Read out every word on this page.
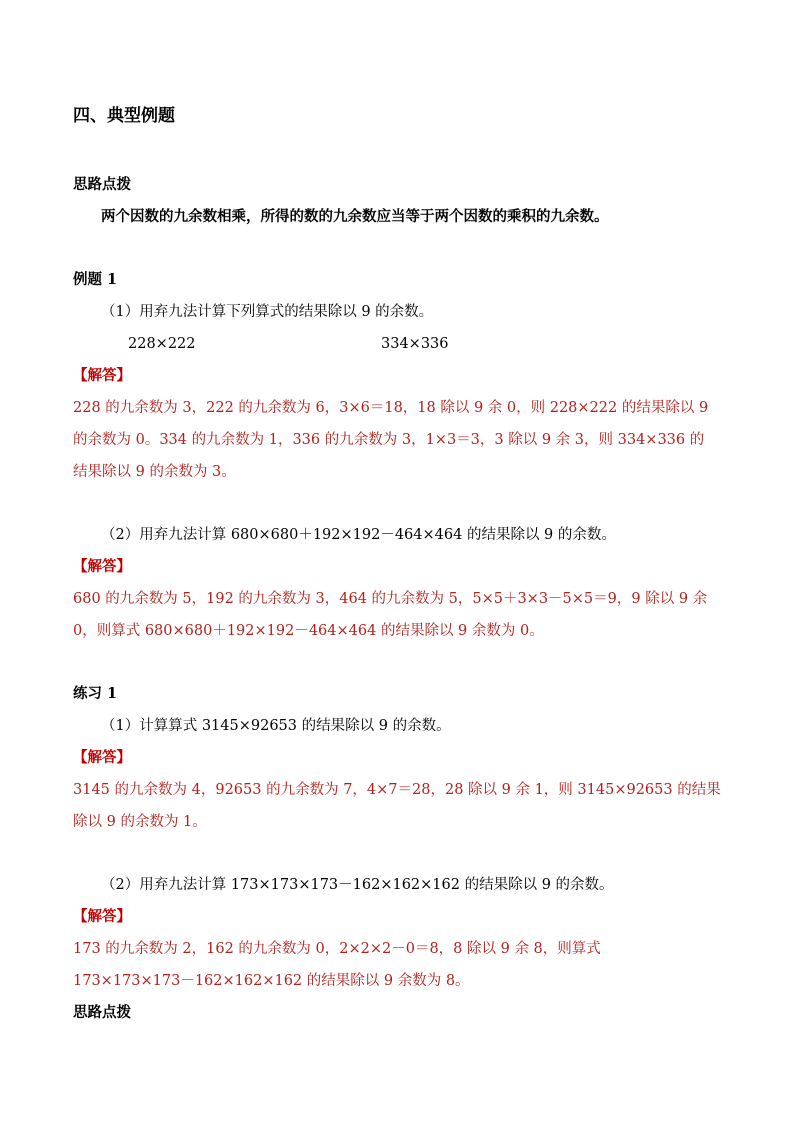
四、典型例题
思路点拨
两个因数的九余数相乘，所得的数的九余数应当等于两个因数的乘积的九余数。
例题 1
（1）用弃九法计算下列算式的结果除以 9 的余数。
228×222	334×336
【解答】
228 的九余数为 3，222 的九余数为 6，3×6＝18，18 除以 9 余 0，则 228×222 的结果除以 9
的余数为 0。334 的九余数为 1，336 的九余数为 3，1×3＝3，3 除以 9 余 3，则 334×336 的
结果除以 9 的余数为 3。
（2）用弃九法计算 680×680＋192×192－464×464 的结果除以 9 的余数。
【解答】
680 的九余数为 5，192 的九余数为 3，464 的九余数为 5，5×5＋3×3－5×5＝9，9 除以 9 余
0，则算式 680×680＋192×192－464×464 的结果除以 9 余数为 0。
练习 1
（1）计算算式 3145×92653 的结果除以 9 的余数。
【解答】
3145 的九余数为 4，92653 的九余数为 7，4×7＝28，28 除以 9 余 1，则 3145×92653 的结果
除以 9 的余数为 1。
（2）用弃九法计算 173×173×173－162×162×162 的结果除以 9 的余数。
【解答】
173 的九余数为 2，162 的九余数为 0，2×2×2－0＝8，8 除以 9 余 8，则算式
173×173×173－162×162×162 的结果除以 9 余数为 8。
思路点拨
